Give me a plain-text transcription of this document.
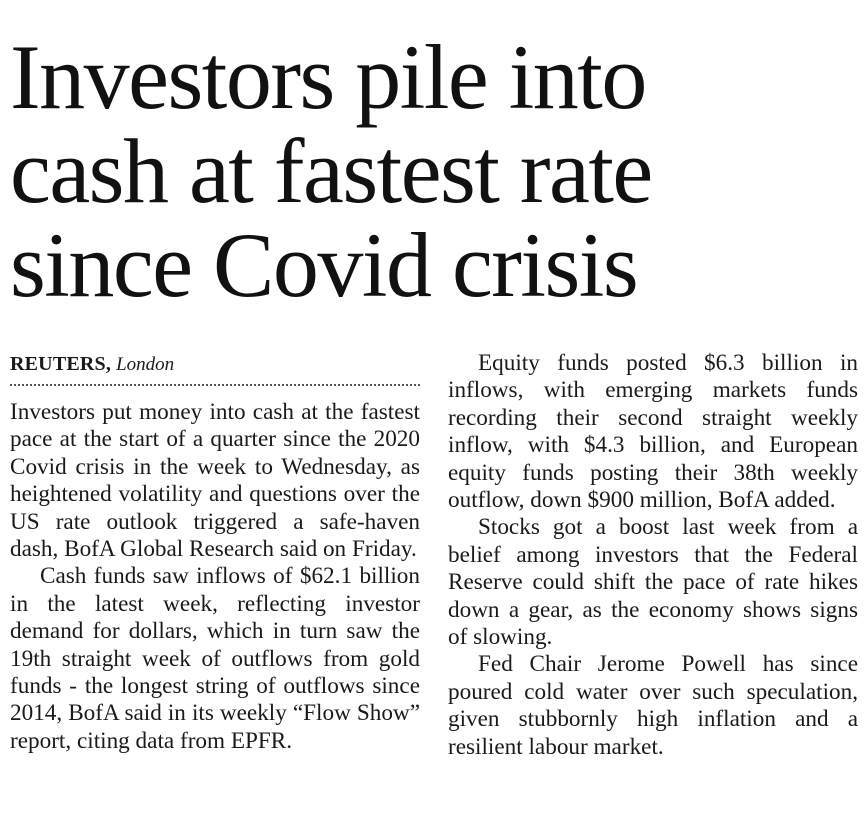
Investors pile into
cash at fastest rate
since Covid crisis
REUTERS, London

Investors put money into cash at the fastest pace at the start of a quarter since the 2020 Covid crisis in the week to Wednesday, as heightened volatility and questions over the US rate outlook triggered a safe-haven dash, BofA Global Research said on Friday.

Cash funds saw inflows of $62.1 billion in the latest week, reflecting investor demand for dollars, which in turn saw the 19th straight week of outflows from gold funds - the longest string of outflows since 2014, BofA said in its weekly “Flow Show” report, citing data from EPFR.

Equity funds posted $6.3 billion in inflows, with emerging markets funds recording their second straight weekly inflow, with $4.3 billion, and European equity funds posting their 38th weekly outflow, down $900 million, BofA added.

Stocks got a boost last week from a belief among investors that the Federal Reserve could shift the pace of rate hikes down a gear, as the economy shows signs of slowing.

Fed Chair Jerome Powell has since poured cold water over such speculation, given stubbornly high inflation and a resilient labour market.
